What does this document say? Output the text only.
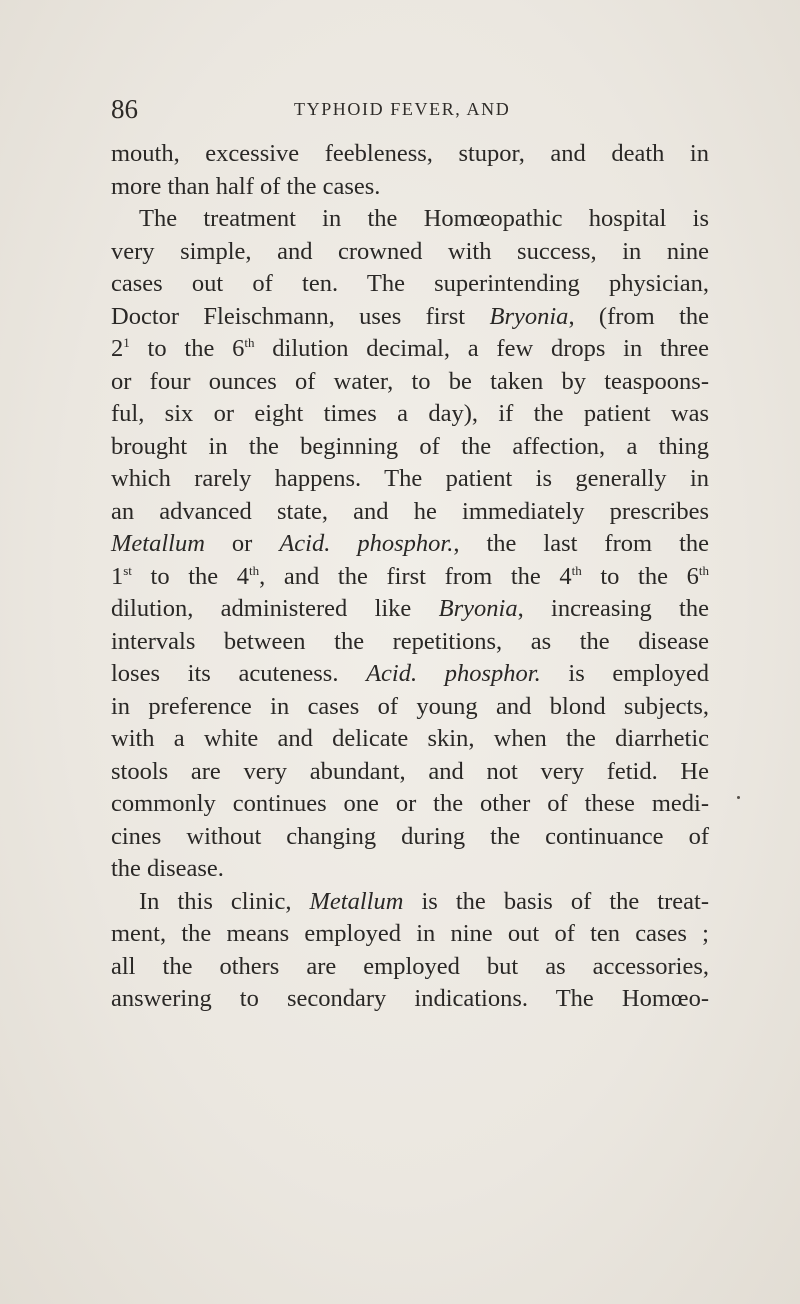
86	TYPHOID FEVER, AND
mouth, excessive feebleness, stupor, and death in
more than half of the cases.
The treatment in the Homœopathic hospital is
very simple, and crowned with success, in nine
cases out of ten. The superintending physician,
Doctor Fleischmann, uses first Bryonia, (from the
$2^1$ to the 6th dilution decimal, a few drops in three
or four ounces of water, to be taken by teaspoons-
ful, six or eight times a day), if the patient was
brought in the beginning of the affection, a thing
which rarely happens. The patient is generally in
an advanced state, and he immediately prescribes
Metallum or Acid. phosphor., the last from the
1st to the 4th, and the first from the 4th to the 6th
dilution, administered like Bryonia, increasing the
intervals between the repetitions, as the disease
loses its acuteness. Acid. phosphor. is employed
in preference in cases of young and blond subjects,
with a white and delicate skin, when the diarrhetic
stools are very abundant, and not very fetid. He
commonly continues one or the other of these medi-
cines without changing during the continuance of
the disease.
In this clinic, Metallum is the basis of the treat-
ment, the means employed in nine out of ten cases ;
all the others are employed but as accessories,
answering to secondary indications. The Homœo-
